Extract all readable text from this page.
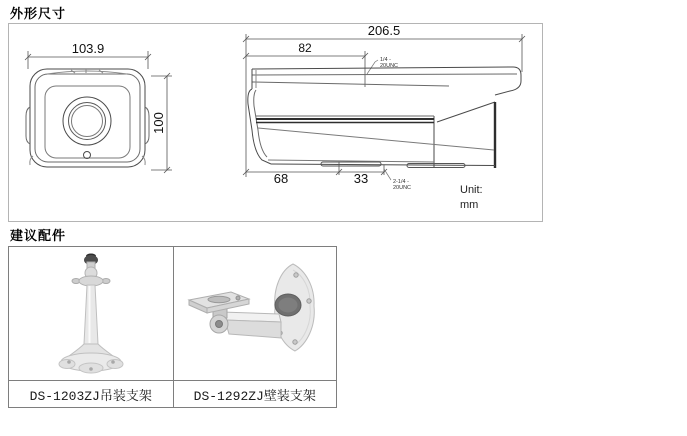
外形尺寸
103.9
100
206.5
82
1/4 -
20UNC
68	33	2-1/4 -
20UNC	Unit:
mm
建议配件
DS-1203ZJ吊装支架	DS-1292ZJ壁装支架
